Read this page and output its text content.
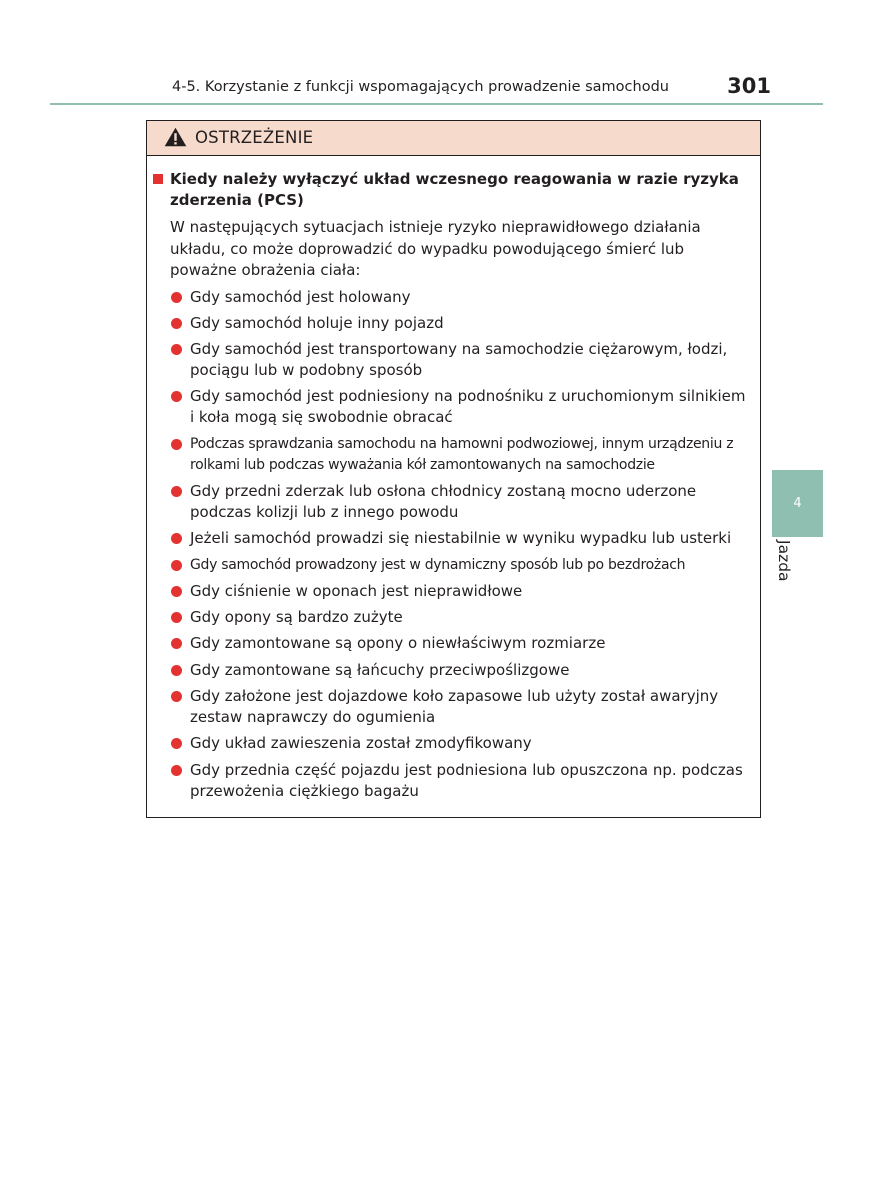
4-5. Korzystanie z funkcji wspomagających prowadzenie samochodu	301
OSTRZEŻENIE
Kiedy należy wyłączyć układ wczesnego reagowania w razie ryzyka zderzenia (PCS)
W następujących sytuacjach istnieje ryzyko nieprawidłowego działania układu, co może doprowadzić do wypadku powodującego śmierć lub poważne obrażenia ciała:
Gdy samochód jest holowany
Gdy samochód holuje inny pojazd
Gdy samochód jest transportowany na samochodzie ciężarowym, łodzi, pociągu lub w podobny sposób
Gdy samochód jest podniesiony na podnośniku z uruchomionym silnikiem i koła mogą się swobodnie obracać
Podczas sprawdzania samochodu na hamowni podwoziowej, innym urządzeniu z rolkami lub podczas wyważania kół zamontowanych na samochodzie
Gdy przedni zderzak lub osłona chłodnicy zostaną mocno uderzone podczas kolizji lub z innego powodu
Jeżeli samochód prowadzi się niestabilnie w wyniku wypadku lub usterki
Gdy samochód prowadzony jest w dynamiczny sposób lub po bezdrożach
Gdy ciśnienie w oponach jest nieprawidłowe
Gdy opony są bardzo zużyte
Gdy zamontowane są opony o niewłaściwym rozmiarze
Gdy zamontowane są łańcuchy przeciwpoślizgowe
Gdy założone jest dojazdowe koło zapasowe lub użyty został awaryjny zestaw naprawczy do ogumienia
Gdy układ zawieszenia został zmodyfikowany
Gdy przednia część pojazdu jest podniesiona lub opuszczona np. podczas przewożenia ciężkiego bagażu
4
Jazda
